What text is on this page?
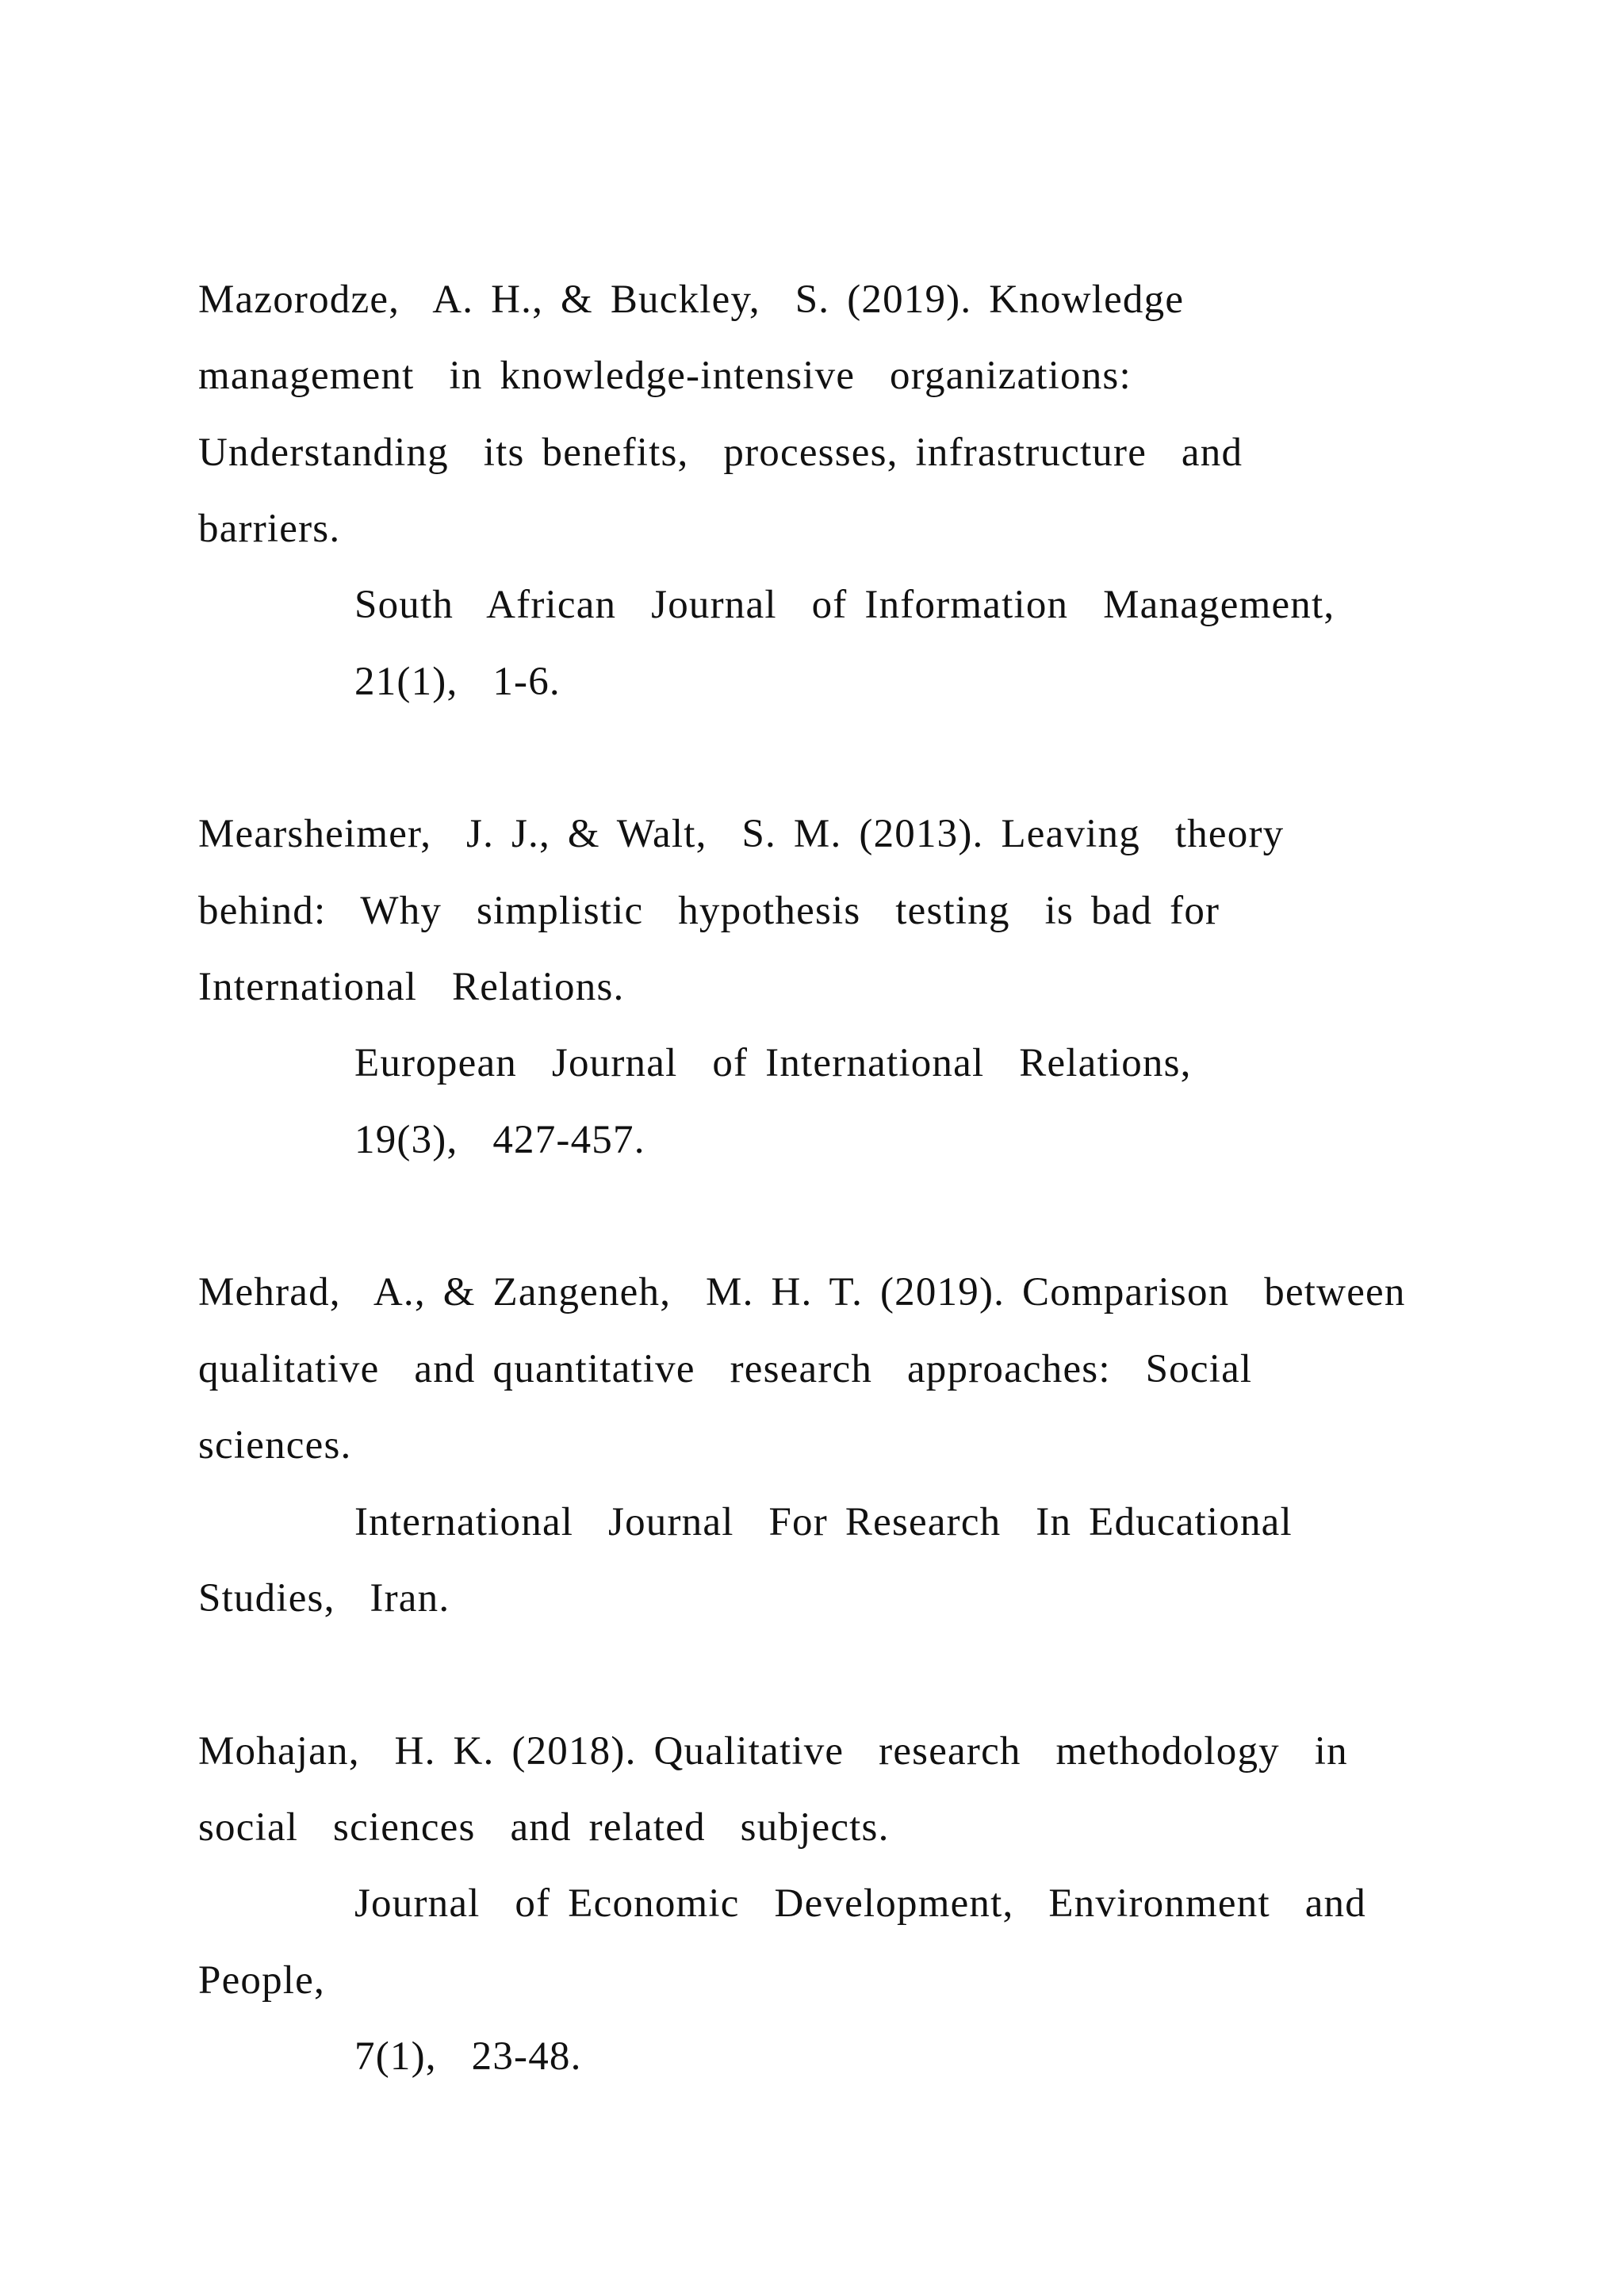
Mazorodze,  A. H., & Buckley,  S. (2019). Knowledge

management  in knowledge-intensive  organizations:

Understanding  its benefits,  processes, infrastructure  and

barriers.

South  African  Journal  of Information  Management,

21(1),  1-6.

Mearsheimer,  J. J., & Walt,  S. M. (2013). Leaving  theory

behind:  Why  simplistic  hypothesis  testing  is bad for

International  Relations.

European  Journal  of International  Relations,

19(3),  427-457.

Mehrad,  A., & Zangeneh,  M. H. T. (2019). Comparison  between

qualitative  and quantitative  research  approaches:  Social

sciences.

International  Journal  For Research  In Educational

Studies,  Iran.

Mohajan,  H. K. (2018). Qualitative  research  methodology  in

social  sciences  and related  subjects.

Journal  of Economic  Development,  Environment  and

People,

7(1),  23-48.
